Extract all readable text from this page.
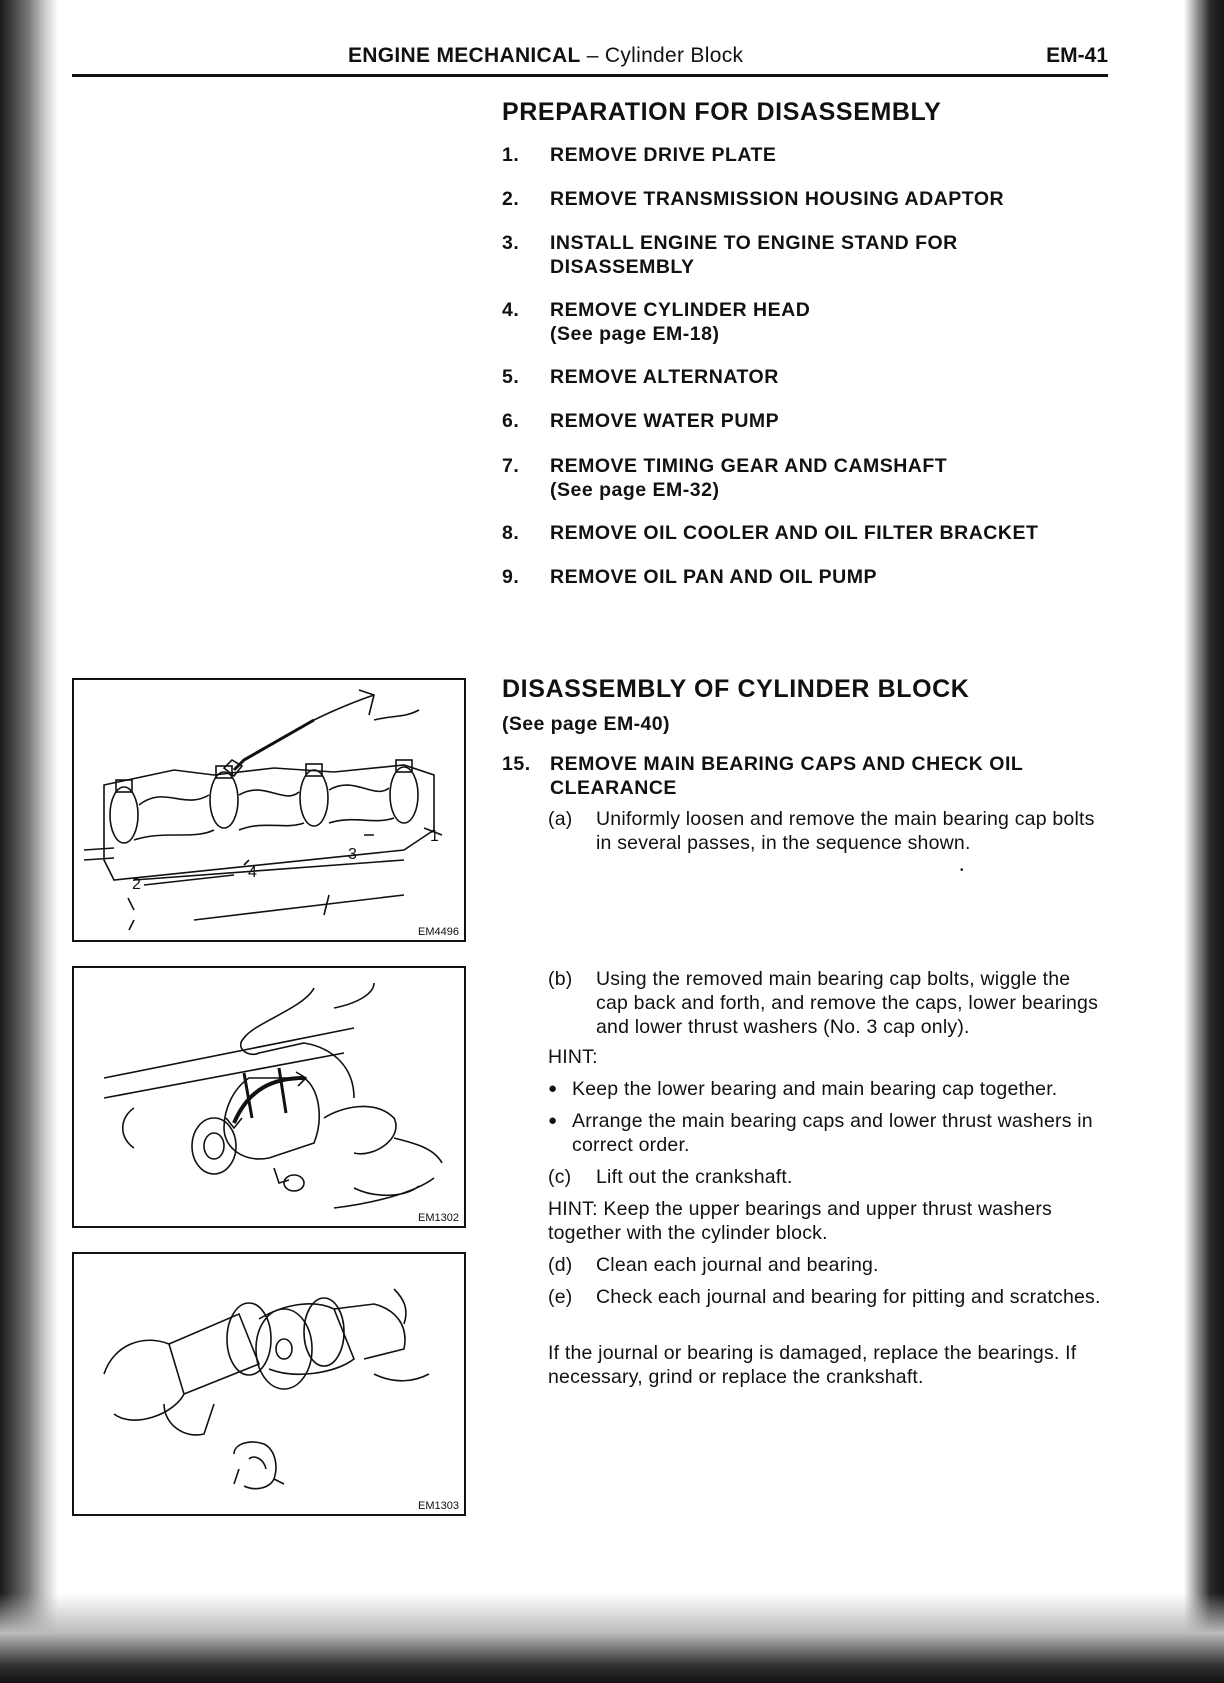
ENGINE MECHANICAL – Cylinder Block	EM-41
PREPARATION FOR DISASSEMBLY
1.	REMOVE DRIVE PLATE
2.	REMOVE TRANSMISSION HOUSING ADAPTOR
3.	INSTALL ENGINE TO ENGINE STAND FOR
DISASSEMBLY
4.	REMOVE CYLINDER HEAD
(See page EM-18)
5.	REMOVE ALTERNATOR
6.	REMOVE WATER PUMP
7.	REMOVE TIMING GEAR AND CAMSHAFT
(See page EM-32)
8.	REMOVE OIL COOLER AND OIL FILTER BRACKET
9.	REMOVE OIL PAN AND OIL PUMP
DISASSEMBLY OF CYLINDER BLOCK
(See page EM-40)
15. REMOVE MAIN BEARING CAPS AND CHECK OIL
CLEARANCE
(a) Uniformly loosen and remove the main bearing cap bolts in several passes, in the sequence shown.
•
(b) Using the removed main bearing cap bolts, wiggle the cap back and forth, and remove the caps, lower bearings and lower thrust washers (No. 3 cap only).
HINT:
● Keep the lower bearing and main bearing cap together.
● Arrange the main bearing caps and lower thrust washers in correct order.
(c) Lift out the crankshaft.
HINT: Keep the upper bearings and upper thrust washers together with the cylinder block.
(d) Clean each journal and bearing.
(e) Check each journal and bearing for pitting and scratches.
If the journal or bearing is damaged, replace the bearings. If necessary, grind or replace the crankshaft.
1
2
3
4
EM4496
EM1302
EM1303
